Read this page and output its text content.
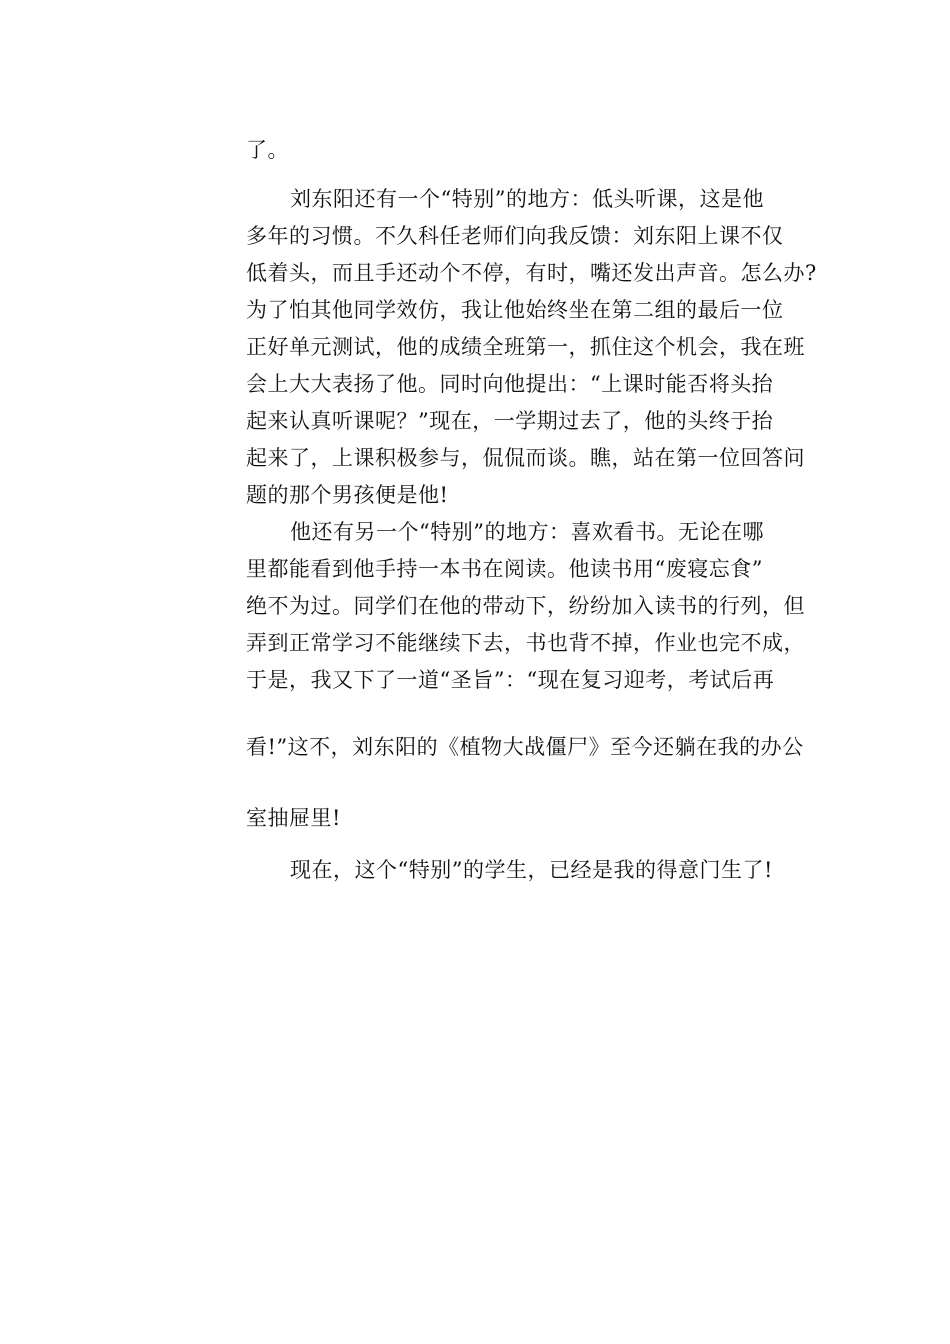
了。
刘东阳还有一个“特别”的地方：低头听课，这是他
多年的习惯。不久科任老师们向我反馈：刘东阳上课不仅
低着头，而且手还动个不停，有时，嘴还发出声音。怎么办?
为了怕其他同学效仿，我让他始终坐在第二组的最后一位
正好单元测试，他的成绩全班第一，抓住这个机会，我在班
会上大大表扬了他。同时向他提出：“上课时能否将头抬
起来认真听课呢？”现在，一学期过去了，他的头终于抬
起来了，上课积极参与，侃侃而谈。瞧，站在第一位回答问
题的那个男孩便是他!
他还有另一个“特别”的地方：喜欢看书。无论在哪
里都能看到他手持一本书在阅读。他读书用“废寝忘食”
绝不为过。同学们在他的带动下，纷纷加入读书的行列，但
弄到正常学习不能继续下去，书也背不掉，作业也完不成，
于是，我又下了一道“圣旨”：“现在复习迎考，考试后再
看!”这不，刘东阳的《植物大战僵尸》至今还躺在我的办公
室抽屉里!
现在，这个“特别”的学生，已经是我的得意门生了!
